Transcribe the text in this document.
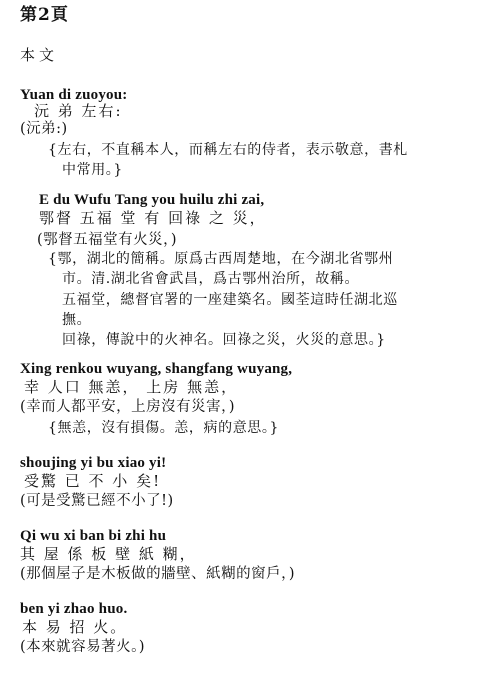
第2頁
本文
Yuan di zuoyou:
沅 弟 左右:
(沅弟:)
{左右，不直稱本人，而稱左右的侍者，表示敬意，書札
中常用。}
E du Wufu Tang you huilu zhi zai,
鄂督 五福 堂 有 回祿 之 災，
(鄂督五福堂有火災，)
{鄂，湖北的簡稱。原爲古西周楚地，在今湖北省鄂州
市。清.湖北省會武昌，爲古鄂州治所，故稱。
五福堂，總督官署的一座建築名。國荃這時任湖北巡
撫。
回祿，傳說中的火神名。回祿之災，火災的意思。}
Xing renkou wuyang, shangfang wuyang,
幸 人口 無恙， 上房 無恙，
(幸而人都平安，上房沒有災害，)
{無恙，沒有損傷。恙，病的意思。}
shoujing yi bu xiao yi!
受驚 已 不 小 矣!
(可是受驚已經不小了!)
Qi wu xi ban bi zhi hu
其 屋 係 板 壁 紙 糊，
(那個屋子是木板做的牆壁、紙糊的窗戶，)
ben yi zhao huo.
本 易 招 火。
(本來就容易著火。)
